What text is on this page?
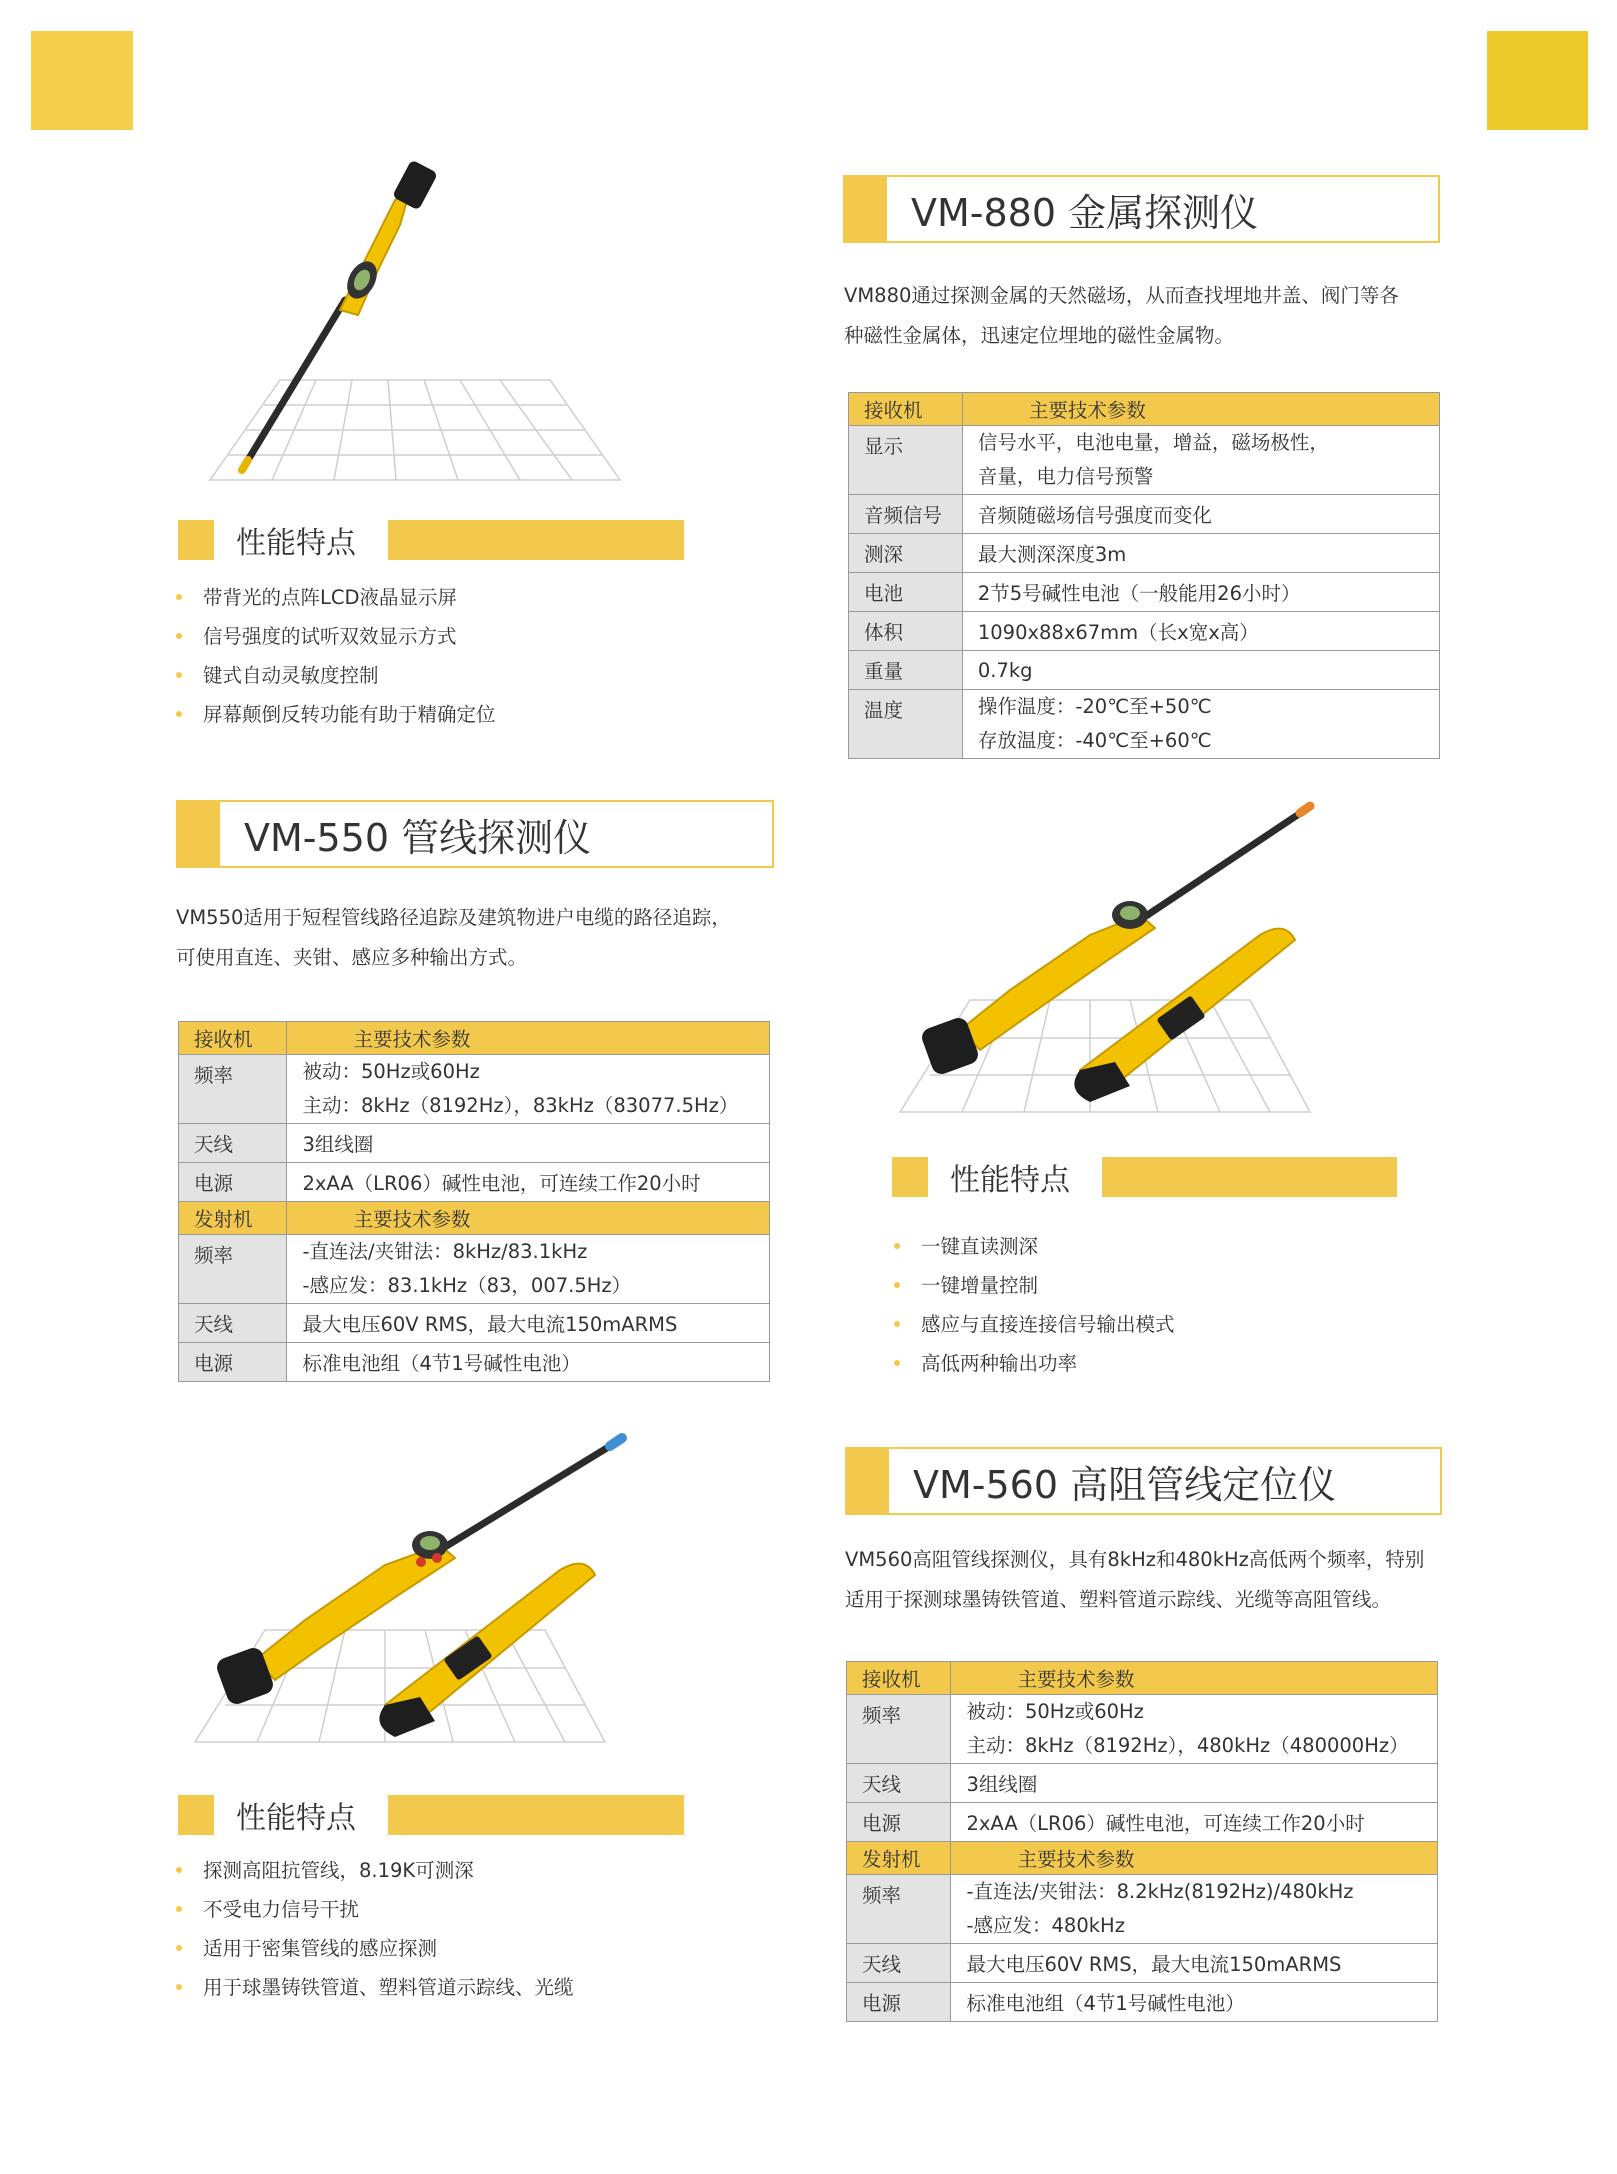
VM-880 金属探测仪
VM880通过探测金属的天然磁场，从而查找埋地井盖、阀门等各
种磁性金属体，迅速定位埋地的磁性金属物。
接收机	主要技术参数
显示	信号水平，电池电量，增益，磁场极性，
音量，电力信号预警

音频信号	音频随磁场信号强度而变化
测深	最大测深深度3m
电池	2节5号碱性电池（一般能用26小时）
体积	1090x88x67mm（长x宽x高）
重量	0.7kg
温度	操作温度：-20℃至+50℃
存放温度：-40℃至+60℃
性能特点
带背光的点阵LCD液晶显示屏
信号强度的试听双效显示方式
键式自动灵敏度控制
屏幕颠倒反转功能有助于精确定位
VM-550 管线探测仪
VM550适用于短程管线路径追踪及建筑物进户电缆的路径追踪，
可使用直连、夹钳、感应多种输出方式。
接收机	主要技术参数
频率	被动：50Hz或60Hz
主动：8kHz（8192Hz），83kHz（83077.5Hz）

天线	3组线圈
电源	2xAA（LR06）碱性电池，可连续工作20小时
发射机	主要技术参数
频率	-直连法/夹钳法：8kHz/83.1kHz
-感应发：83.1kHz（83，007.5Hz）

天线	最大电压60V RMS，最大电流150mARMS
电源	标准电池组（4节1号碱性电池）
性能特点
一键直读测深
一键增量控制
感应与直接连接信号输出模式
高低两种输出功率
VM-560 高阻管线定位仪
VM560高阻管线探测仪，具有8kHz和480kHz高低两个频率，特别
适用于探测球墨铸铁管道、塑料管道示踪线、光缆等高阻管线。
接收机	主要技术参数
频率	被动：50Hz或60Hz
主动：8kHz（8192Hz），480kHz（480000Hz）

天线	3组线圈
电源	2xAA（LR06）碱性电池，可连续工作20小时
发射机	主要技术参数
频率	-直连法/夹钳法：8.2kHz(8192Hz)/480kHz
-感应发：480kHz

天线	最大电压60V RMS，最大电流150mARMS
电源	标准电池组（4节1号碱性电池）
性能特点
探测高阻抗管线，8.19K可测深
不受电力信号干扰
适用于密集管线的感应探测
用于球墨铸铁管道、塑料管道示踪线、光缆
